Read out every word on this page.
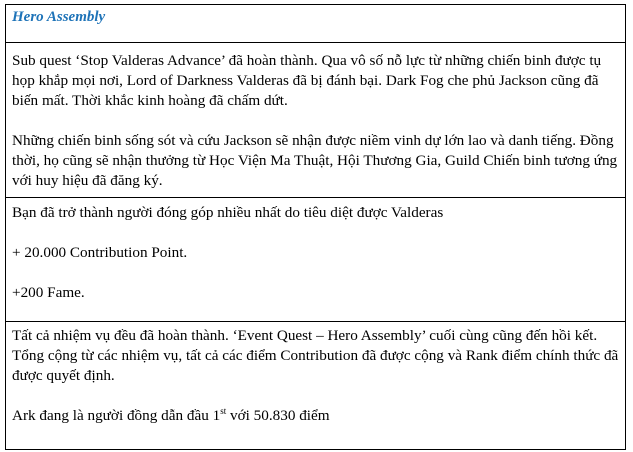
Hero Assembly

Sub quest ‘Stop Valderas Advance’ đã hoàn thành. Qua vô số nỗ lực từ những chiến binh được tụ họp khắp mọi nơi, Lord of Darkness Valderas đã bị đánh bại. Dark Fog che phủ Jackson cũng đã biến mất. Thời khắc kinh hoàng đã chấm dứt.

Những chiến binh sống sót và cứu Jackson sẽ nhận được niềm vinh dự lớn lao và danh tiếng. Đồng thời, họ cũng sẽ nhận thưởng từ Học Viện Ma Thuật, Hội Thương Gia, Guild Chiến binh tương ứng với huy hiệu đã đăng ký.

Bạn đã trở thành người đóng góp nhiều nhất do tiêu diệt được Valderas

+ 20.000 Contribution Point.

+200 Fame.

Tất cả nhiệm vụ đều đã hoàn thành. ‘Event Quest – Hero Assembly’ cuối cùng cũng đến hồi kết.

Tổng cộng từ các nhiệm vụ, tất cả các điểm Contribution đã được cộng và Rank điểm chính thức đã được quyết định.

Ark đang là người đồng dẫn đầu 1st với 50.830 điểm
